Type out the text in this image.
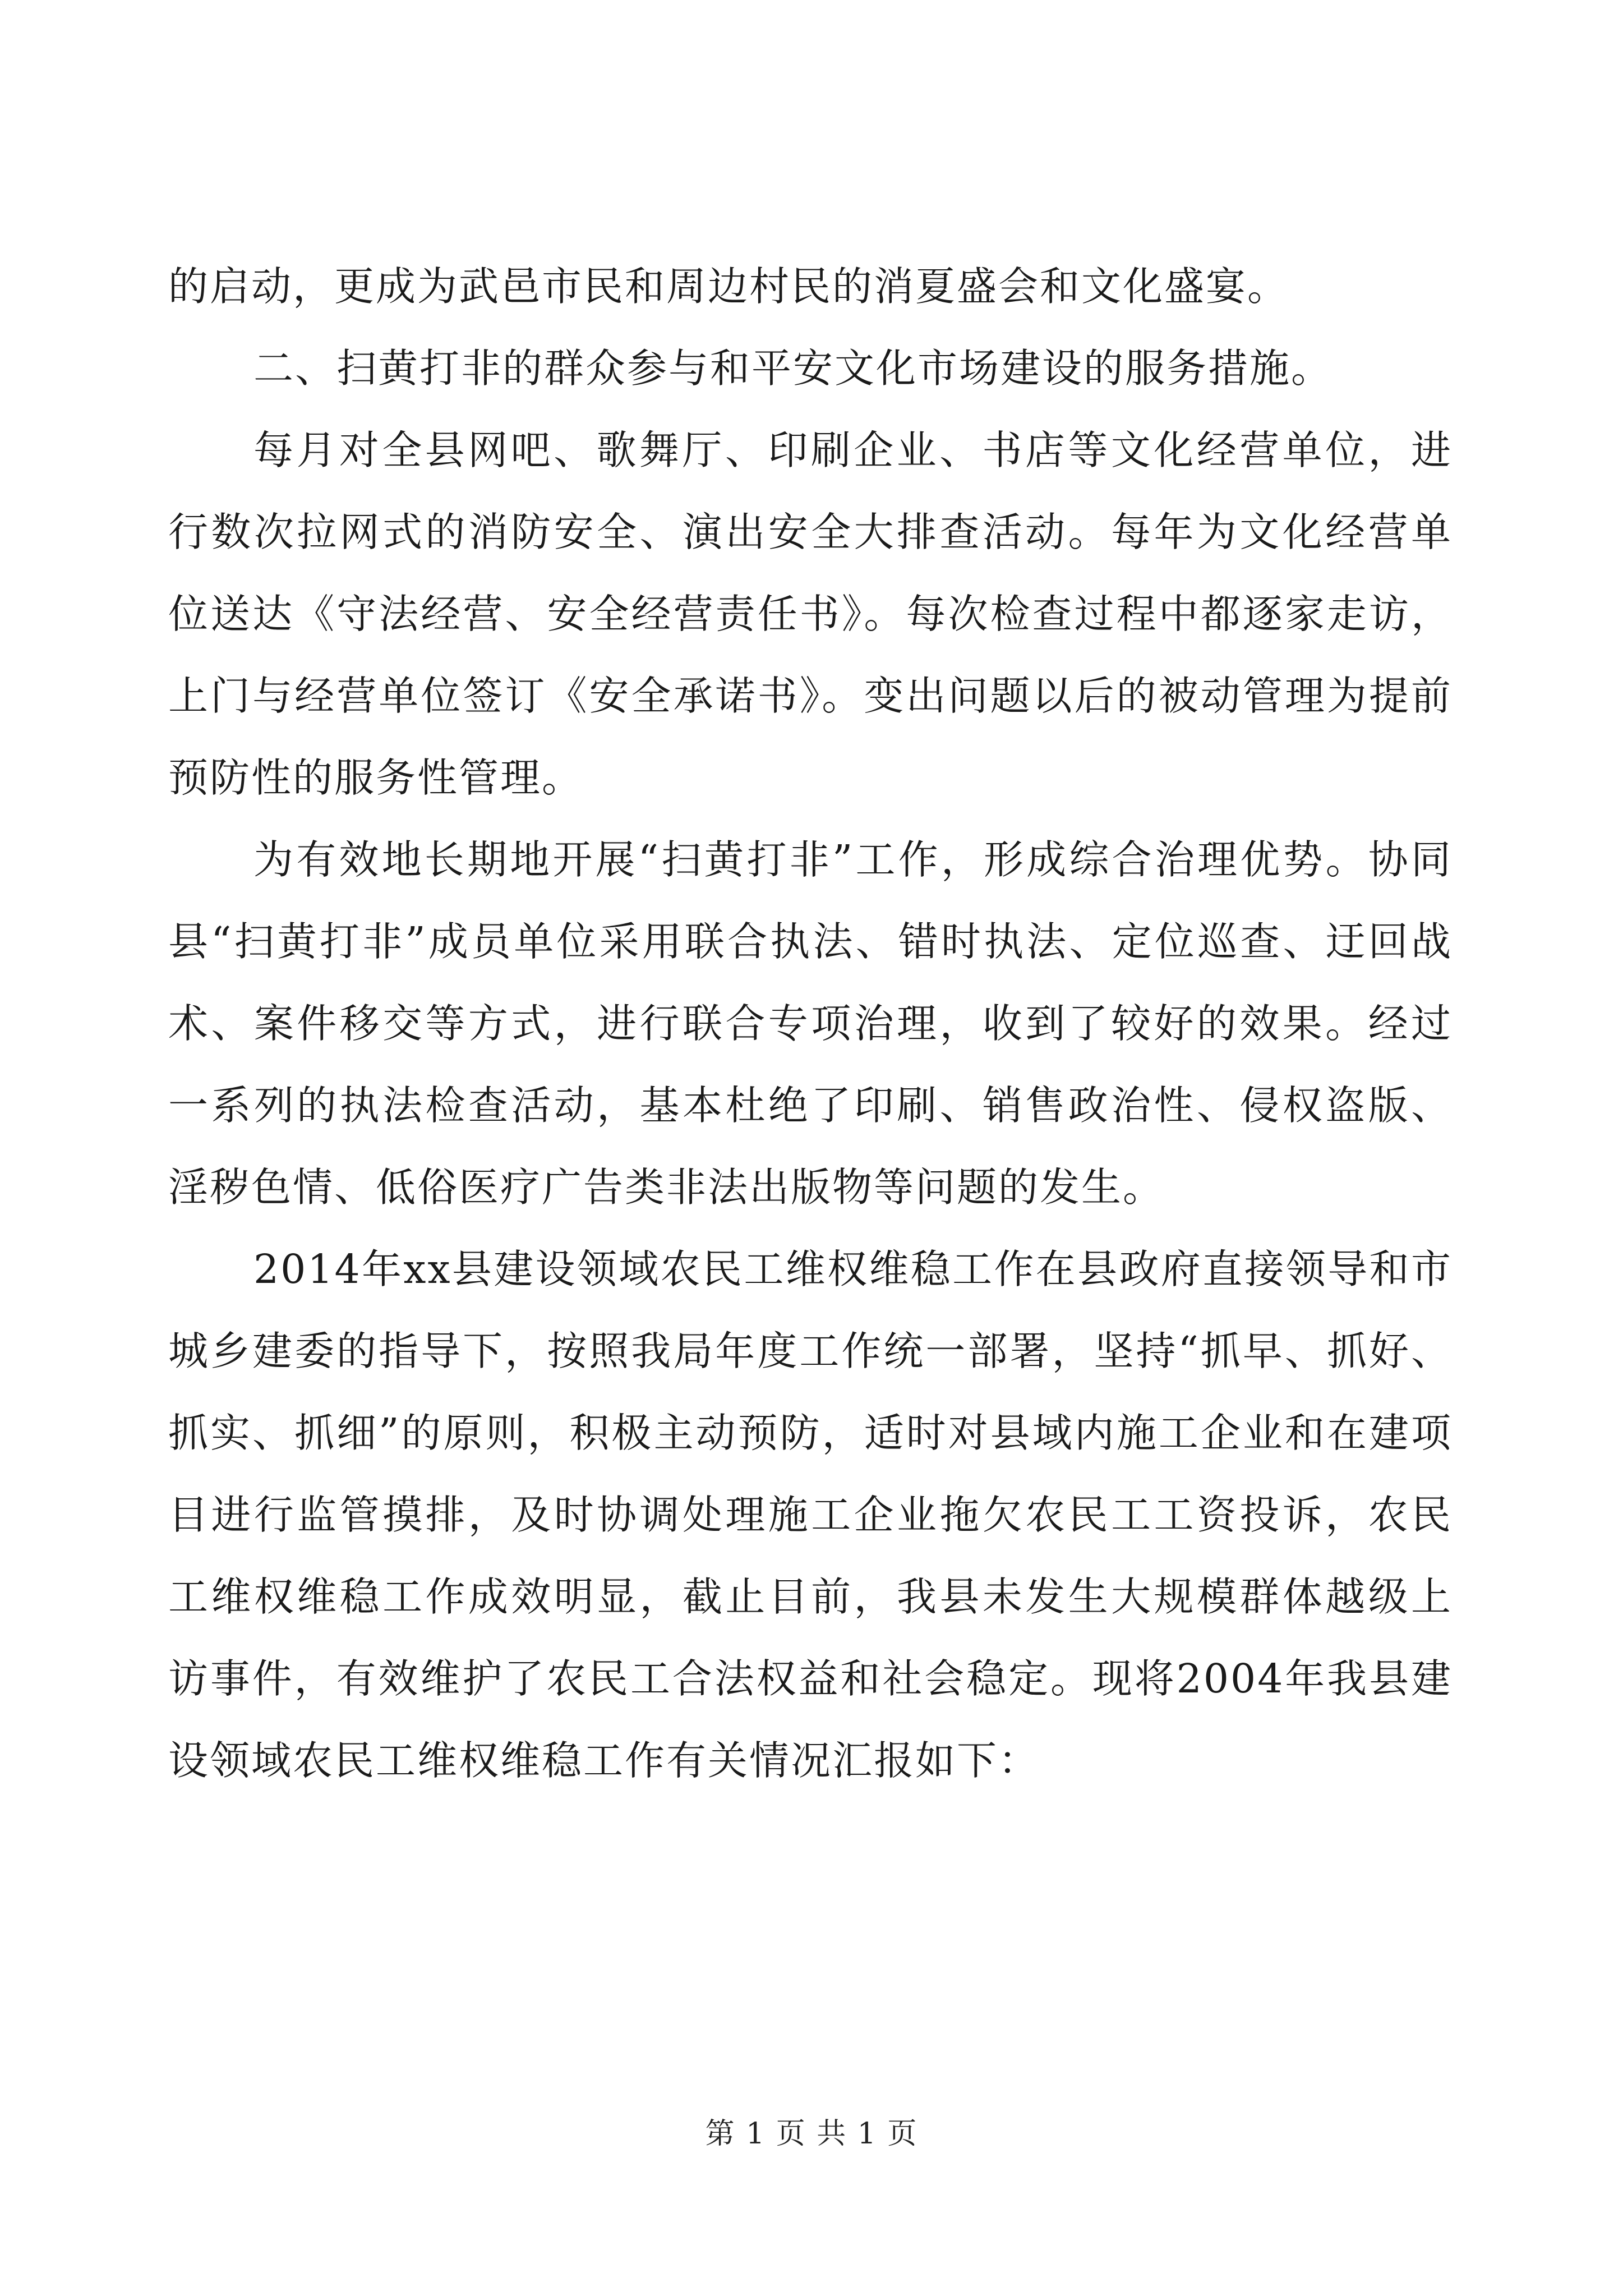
的启动，更成为武邑市民和周边村民的消夏盛会和文化盛宴。

二、扫黄打非的群众参与和平安文化市场建设的服务措施。

每月对全县网吧、歌舞厅、印刷企业、书店等文化经营单位，进行数次拉网式的消防安全、演出安全大排查活动。每年为文化经营单位送达《守法经营、安全经营责任书》。每次检查过程中都逐家走访，上门与经营单位签订《安全承诺书》。变出问题以后的被动管理为提前预防性的服务性管理。

为有效地长期地开展“扫黄打非”工作，形成综合治理优势。协同县“扫黄打非”成员单位采用联合执法、错时执法、定位巡查、迂回战术、案件移交等方式，进行联合专项治理，收到了较好的效果。经过一系列的执法检查活动，基本杜绝了印刷、销售政治性、侵权盗版、淫秽色情、低俗医疗广告类非法出版物等问题的发生。

2014年xx县建设领域农民工维权维稳工作在县政府直接领导和市城乡建委的指导下，按照我局年度工作统一部署，坚持“抓早、抓好、抓实、抓细”的原则，积极主动预防，适时对县域内施工企业和在建项目进行监管摸排，及时协调处理施工企业拖欠农民工工资投诉，农民工维权维稳工作成效明显，截止目前，我县未发生大规模群体越级上访事件，有效维护了农民工合法权益和社会稳定。现将2004年我县建设领域农民工维权维稳工作有关情况汇报如下：

第 1 页 共 1 页
